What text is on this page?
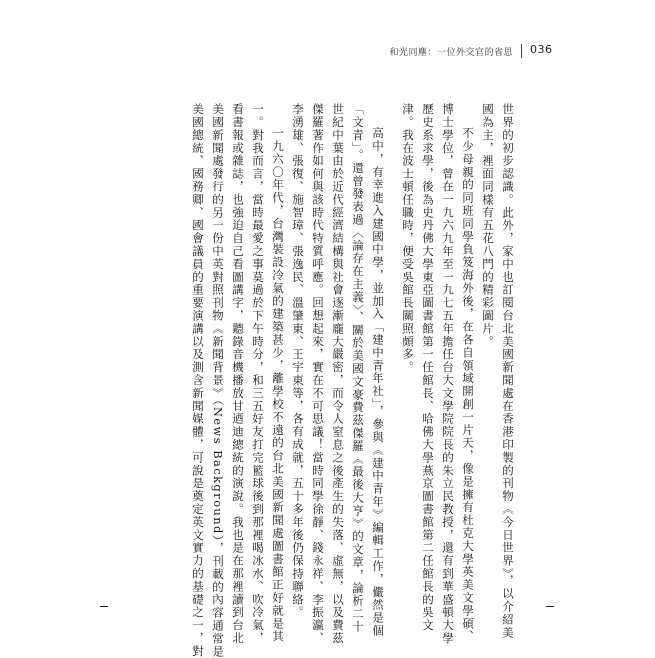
和光同塵：一位外交官的省思 036
世界的初步認識。此外，家中也訂閱台北美國新聞處在香港印製的刊物《今日世界》，以介紹美
國為主，裡面同樣有五花八門的精彩圖片。
不少母親的同班同學負笈海外後，在各自領域開創一片天，像是擁有杜克大學英美文學碩、
博士學位，曾在一九六九年至一九七五年擔任台大文學院院長的朱立民教授，還有到華盛頓大學
歷史系求學，後為史丹佛大學東亞圖書館第一任館長、哈佛大學燕京圖書館第二任館長的吳文
津。我在波士頓任職時，便受吳館長關照頗多。
高中，有幸進入建國中學，並加入「建中青年社」，參與《建中青年》編輯工作，儼然是個
「文青」。還曾發表過〈論存在主義〉、關於美國文豪費茲傑羅《最後大亨》的文章，論析二十
世紀中葉由於近代經濟結構與社會逐漸龐大嚴密，而令人窒息之後產生的失落、虛無，以及費茲
傑羅著作如何與該時代特質呼應。回想起來，實在不可思議！當時同學徐靜、錢永祥、李振瀛、
李湧雄、張復、施智璋、張逸民、溫肇東、王宇東等，各有成就，五十多年後仍保持聯絡。
一九六〇年代，台灣裝設冷氣的建築甚少，離學校不遠的台北美國新聞處圖書館正好就是其
一。對我而言，當時最愛之事莫過於下午時分，和三五好友打完籃球後到那裡喝冰水、吹冷氣，
看書報或雜誌，也強迫自己看圖講字，聽錄音機播放甘迺迪總統的演說。我也是在那裡讀到台北
美國新聞處發行的另一份中英對照刊物《新聞背景》（News Background），刊載的內容通常是
美國總統、國務卿、國會議員的重要演講以及測含新聞媒體，可說是奠定英文實力的基礎之一，對
